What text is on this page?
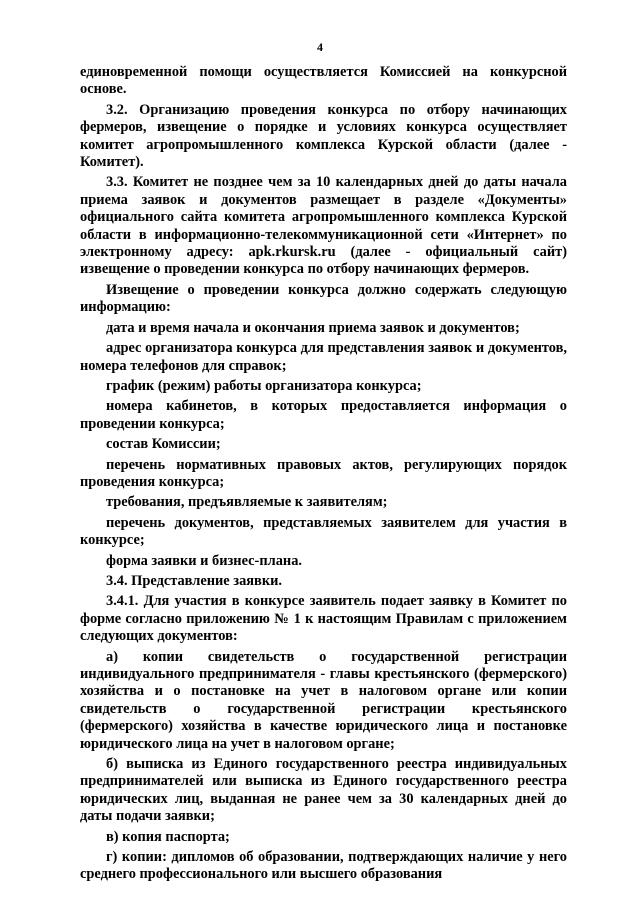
4

единовременной помощи осуществляется Комиссией на конкурсной основе.

3.2. Организацию проведения конкурса по отбору начинающих фермеров, извещение о порядке и условиях конкурса осуществляет комитет агропромышленного комплекса Курской области (далее - Комитет).

3.3. Комитет не позднее чем за 10 календарных дней до даты начала приема заявок и документов размещает в разделе «Документы» официального сайта комитета агропромышленного комплекса Курской области в информационно-телекоммуникационной сети «Интернет» по электронному адресу: apk.rkursk.ru (далее - официальный сайт) извещение о проведении конкурса по отбору начинающих фермеров.

Извещение о проведении конкурса должно содержать следующую информацию:

дата и время начала и окончания приема заявок и документов;

адрес организатора конкурса для представления заявок и документов, номера телефонов для справок;

график (режим) работы организатора конкурса;

номера кабинетов, в которых предоставляется информация о проведении конкурса;

состав Комиссии;

перечень нормативных правовых актов, регулирующих порядок проведения конкурса;

требования, предъявляемые к заявителям;

перечень документов, представляемых заявителем для участия в конкурсе;

форма заявки и бизнес-плана.

3.4. Представление заявки.

3.4.1. Для участия в конкурсе заявитель подает заявку в Комитет по форме согласно приложению № 1 к настоящим Правилам с приложением следующих документов:

а) копии свидетельств о государственной регистрации индивидуального предпринимателя - главы крестьянского (фермерского) хозяйства и о постановке на учет в налоговом органе или копии свидетельств о государственной регистрации крестьянского (фермерского) хозяйства в качестве юридического лица и постановке юридического лица на учет в налоговом органе;

б) выписка из Единого государственного реестра индивидуальных предпринимателей или выписка из Единого государственного реестра юридических лиц, выданная не ранее чем за 30 календарных дней до даты подачи заявки;

в) копия паспорта;

г) копии: дипломов об образовании, подтверждающих наличие у него среднего профессионального или высшего образования
